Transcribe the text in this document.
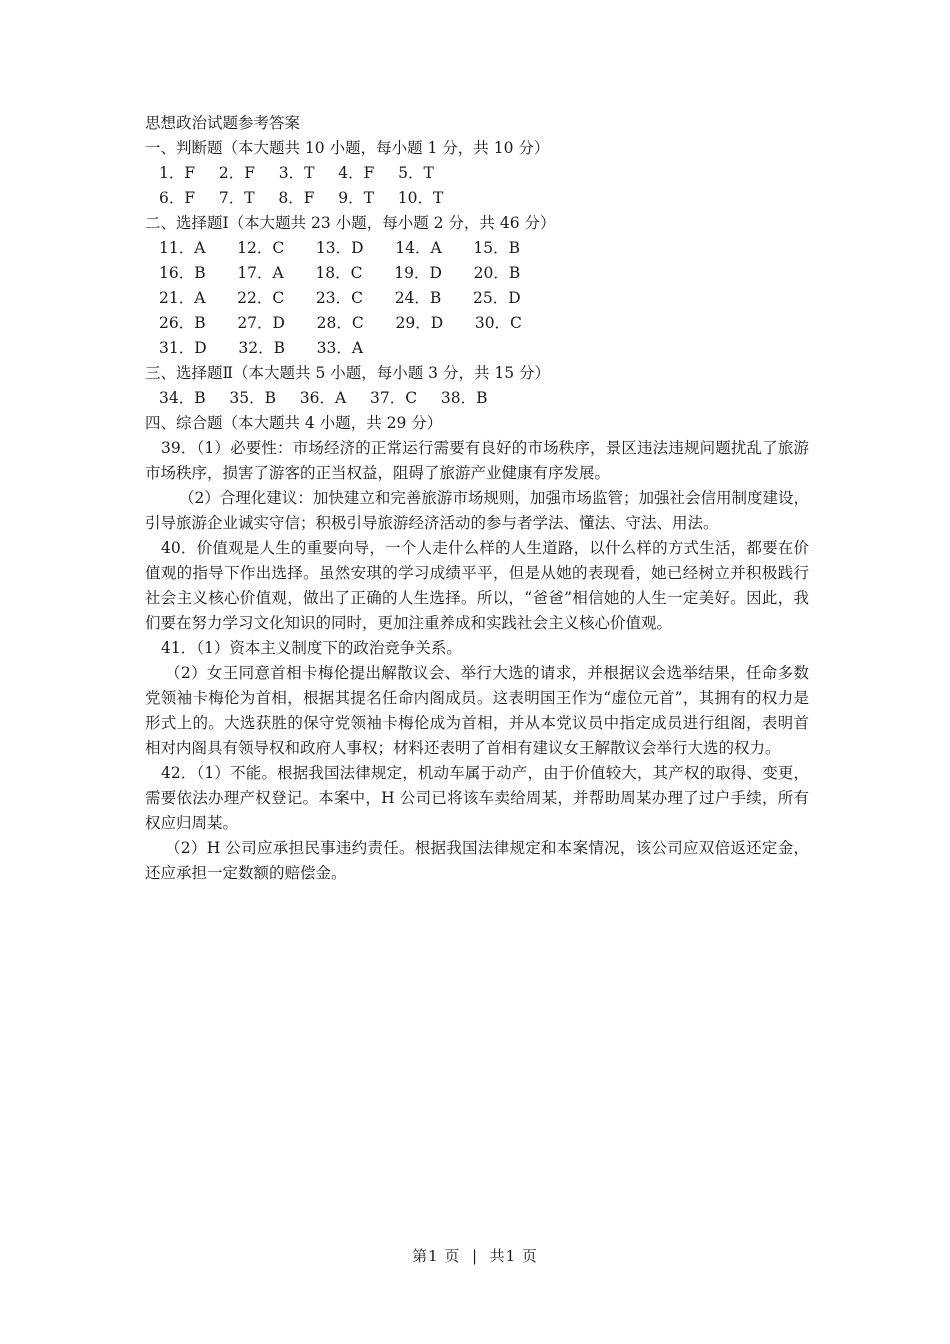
思想政治试题参考答案
一、判断题（本大题共 10 小题，每小题 1 分，共 10 分）
1．F   2．F   3．T   4．F   5．T
6．F   7．T   8．F   9．T   10．T
二、选择题Ⅰ（本大题共 23 小题，每小题 2 分，共 46 分）
11．A    12．C    13．D    14．A    15．B
16．B    17．A    18．C    19．D    20．B
21．A    22．C    23．C    24．B    25．D
26．B    27．D    28．C    29．D    30．C
31．D    32．B    33．A
三、选择题Ⅱ（本大题共 5 小题，每小题 3 分，共 15 分）
34．B   35．B   36．A   37．C   38．B
四、综合题（本大题共 4 小题，共 29 分）

39．（1）必要性：市场经济的正常运行需要有良好的市场秩序，景区违法违规问题扰乱了旅游市场秩序，损害了游客的正当权益，阻碍了旅游产业健康有序发展。

（2）合理化建议：加快建立和完善旅游市场规则，加强市场监管；加强社会信用制度建设，引导旅游企业诚实守信；积极引导旅游经济活动的参与者学法、懂法、守法、用法。

40．价值观是人生的重要向导，一个人走什么样的人生道路，以什么样的方式生活，都要在价值观的指导下作出选择。虽然安琪的学习成绩平平，但是从她的表现看，她已经树立并积极践行社会主义核心价值观，做出了正确的人生选择。所以，“爸爸”相信她的人生一定美好。因此，我们要在努力学习文化知识的同时，更加注重养成和实践社会主义核心价值观。

41．（1）资本主义制度下的政治竞争关系。

（2）女王同意首相卡梅伦提出解散议会、举行大选的请求，并根据议会选举结果，任命多数党领袖卡梅伦为首相，根据其提名任命内阁成员。这表明国王作为“虚位元首”，其拥有的权力是形式上的。大选获胜的保守党领袖卡梅伦成为首相，并从本党议员中指定成员进行组阁，表明首相对内阁具有领导权和政府人事权；材料还表明了首相有建议女王解散议会举行大选的权力。

42．（1）不能。根据我国法律规定，机动车属于动产，由于价值较大，其产权的取得、变更，需要依法办理产权登记。本案中，H 公司已将该车卖给周某，并帮助周某办理了过户手续，所有权应归周某。

（2）H 公司应承担民事违约责任。根据我国法律规定和本案情况，该公司应双倍返还定金，还应承担一定数额的赔偿金。

第1 页  |  共1 页
